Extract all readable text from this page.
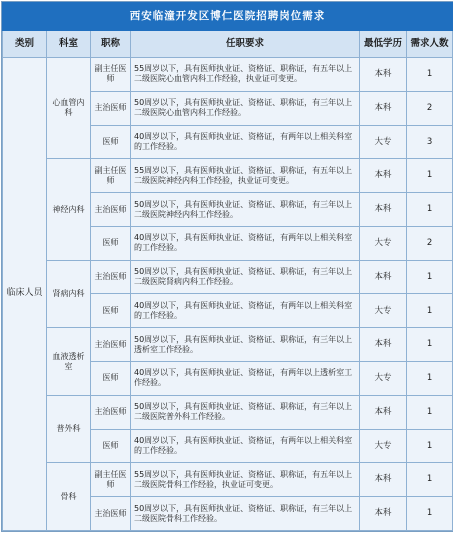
西安临潼开发区博仁医院招聘岗位需求					
类别	科室	职称	任职要求	最低学历	需求人数
临床人员	心血管内科	副主任医师	55周岁以下，具有医师执业证、资格证、职称证，有五年以上二级医院心血管内科工作经验，执业证可变更。	本科	1
		主治医师	50周岁以下，具有医师执业证、资格证、职称证，有三年以上二级医院心血管内科工作经验。	本科	2
		医师	40周岁以下，具有医师执业证、资格证，有两年以上相关科室的工作经验。	大专	3
	神经内科	副主任医师	55周岁以下，具有医师执业证、资格证、职称证，有五年以上二级医院神经内科工作经验，执业证可变更。	本科	1
		主治医师	50周岁以下，具有医师执业证、资格证、职称证，有三年以上二级医院神经内科工作经验。	本科	1
		医师	40周岁以下，具有医师执业证、资格证，有两年以上相关科室的工作经验。	大专	2
	肾病内科	主治医师	50周岁以下，具有医师执业证、资格证、职称证，有三年以上二级医院肾病内科工作经验。	本科	1
		医师	40周岁以下，具有医师执业证、资格证，有两年以上相关科室的工作经验。	大专	1
	血液透析室	主治医师	50周岁以下，具有医师执业证、资格证、职称证，有三年以上透析室工作经验。	本科	1
		医师	40周岁以下，具有医师执业证、资格证，有两年以上透析室工作经验。	大专	1
	普外科	主治医师	50周岁以下，具有医师执业证、资格证、职称证，有三年以上二级医院普外科工作经验。	本科	1
		医师	40周岁以下，具有医师执业证、资格证，有两年以上相关科室的工作经验。	大专	1
	骨科	副主任医师	55周岁以下，具有医师执业证、资格证、职称证，有五年以上二级医院骨科工作经验，执业证可变更。	本科	1
		主治医师	50周岁以下，具有医师执业证、资格证、职称证，有三年以上二级医院骨科工作经验。	本科	1
